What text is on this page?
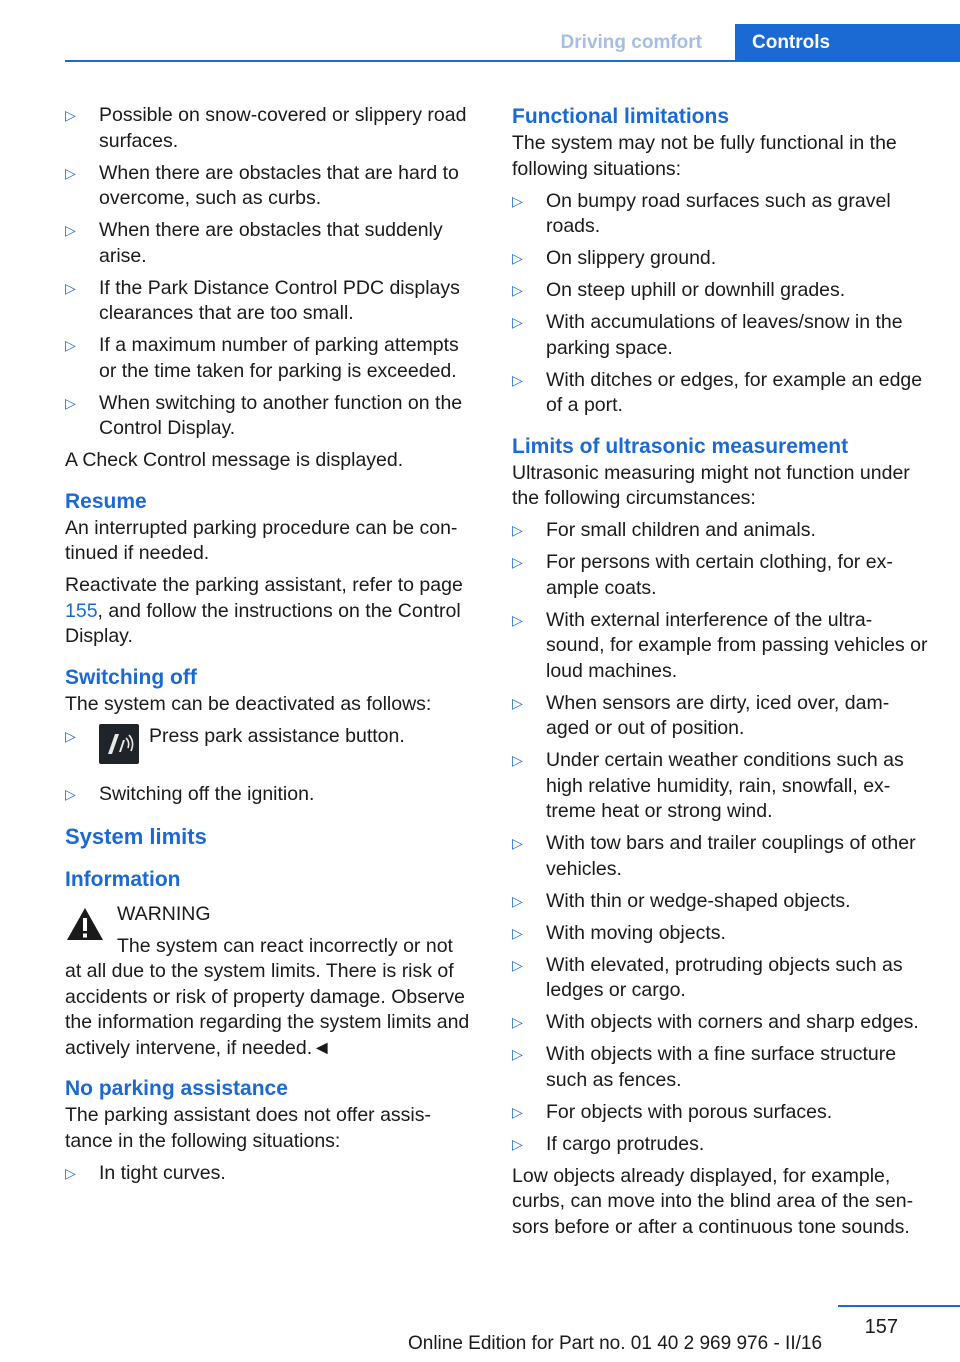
Driving comfort	Controls
▷ Possible on snow-covered or slippery road surfaces.
▷ When there are obstacles that are hard to overcome, such as curbs.
▷ When there are obstacles that suddenly arise.
▷ If the Park Distance Control PDC displays clearances that are too small.
▷ If a maximum number of parking attempts or the time taken for parking is exceeded.
▷ When switching to another function on the Control Display.

A Check Control message is displayed.

Resume

An interrupted parking procedure can be con‐ tinued if needed.

Reactivate the parking assistant, refer to page 155, and follow the instructions on the Control Display.

Switching off

The system can be deactivated as follows:

▷	Press park assistance button.
▷ Switching off the ignition.
System limits
Information

WARNING

The system can react incorrectly or not
at all due to the system limits. There is risk of accidents or risk of property damage. Observe the information regarding the system limits and actively intervene, if needed.◄

No parking assistance

The parking assistant does not offer assis‐ tance in the following situations:

▷ In tight curves.
Functional limitations

The system may not be fully functional in the following situations:

▷ On bumpy road surfaces such as gravel roads.
▷ On slippery ground.
▷ On steep uphill or downhill grades.
▷ With accumulations of leaves/snow in the parking space.
▷ With ditches or edges, for example an edge of a port.
Limits of ultrasonic measurement

Ultrasonic measuring might not function under the following circumstances:

▷ For small children and animals.
▷ For persons with certain clothing, for ex‐ ample coats.
▷ With external interference of the ultra‐ sound, for example from passing vehicles or loud machines.
▷ When sensors are dirty, iced over, dam‐ aged or out of position.
▷ Under certain weather conditions such as high relative humidity, rain, snowfall, ex‐ treme heat or strong wind.
▷ With tow bars and trailer couplings of other vehicles.
▷ With thin or wedge-shaped objects.
▷ With moving objects.
▷ With elevated, protruding objects such as ledges or cargo.
▷ With objects with corners and sharp edges.
▷ With objects with a fine surface structure such as fences.
▷ For objects with porous surfaces.
▷ If cargo protrudes.

Low objects already displayed, for example, curbs, can move into the blind area of the sen‐ sors before or after a continuous tone sounds.

157
Online Edition for Part no. 01 40 2 969 976 - II/16
